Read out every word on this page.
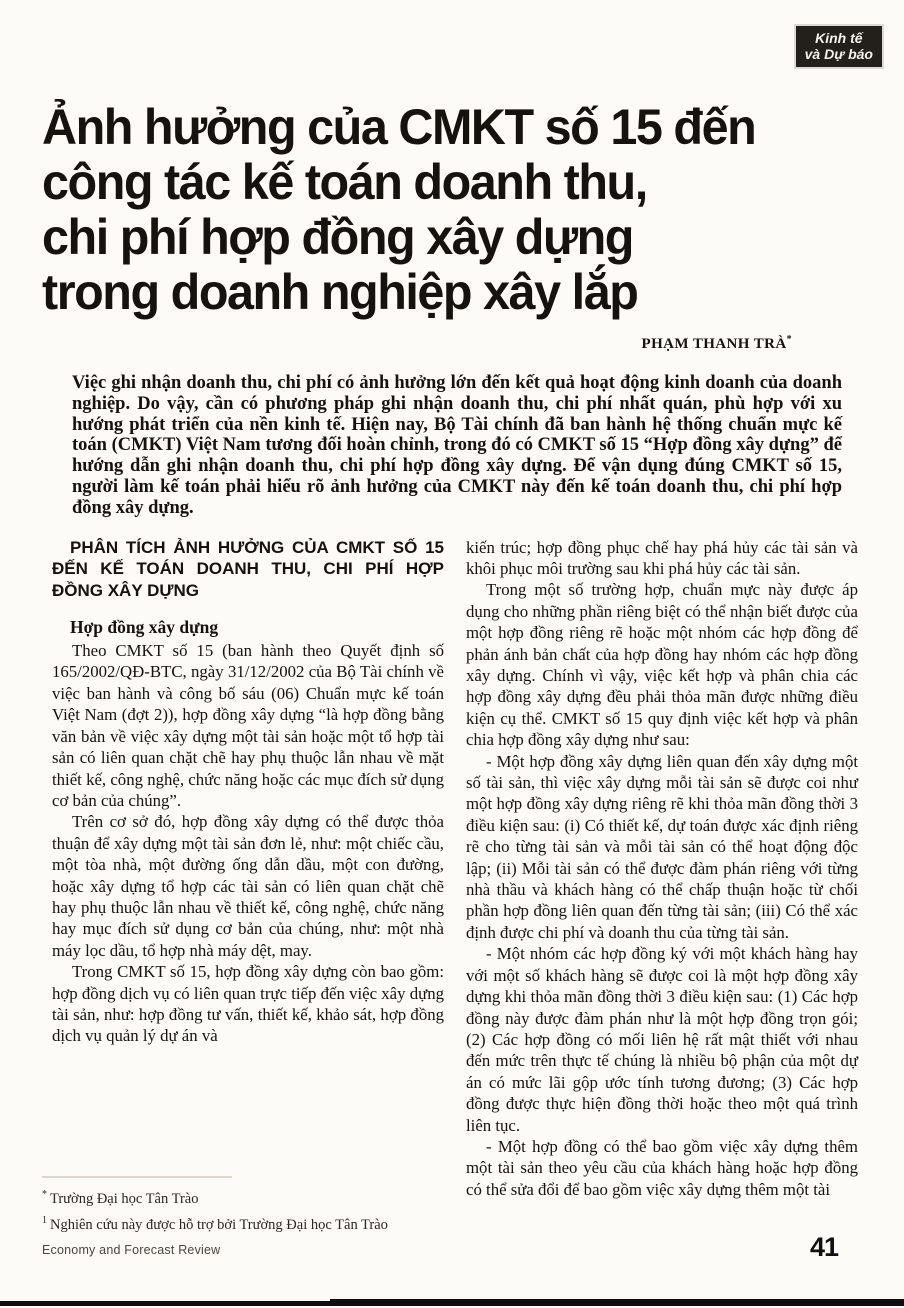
Kinh tế
và Dự báo
Ảnh hưởng của CMKT số 15 đến
công tác kế toán doanh thu,
chi phí hợp đồng xây dựng
trong doanh nghiệp xây lắp
PHẠM THANH TRÀ*
Việc ghi nhận doanh thu, chi phí có ảnh hưởng lớn đến kết quả hoạt động kinh doanh của doanh nghiệp. Do vậy, cần có phương pháp ghi nhận doanh thu, chi phí nhất quán, phù hợp với xu hướng phát triển của nền kinh tế. Hiện nay, Bộ Tài chính đã ban hành hệ thống chuẩn mực kế toán (CMKT) Việt Nam tương đối hoàn chỉnh, trong đó có CMKT số 15 “Hợp đồng xây dựng” để hướng dẫn ghi nhận doanh thu, chi phí hợp đồng xây dựng. Để vận dụng đúng CMKT số 15, người làm kế toán phải hiểu rõ ảnh hưởng của CMKT này đến kế toán doanh thu, chi phí hợp đồng xây dựng.
PHÂN TÍCH ẢNH HƯỞNG CỦA CMKT SỐ 15 ĐẾN KẾ TOÁN DOANH THU, CHI PHÍ HỢP ĐỒNG XÂY DỰNG
Hợp đồng xây dựng

Theo CMKT số 15 (ban hành theo Quyết định số 165/2002/QĐ-BTC, ngày 31/12/2002 của Bộ Tài chính về việc ban hành và công bố sáu (06) Chuẩn mực kế toán Việt Nam (đợt 2)), hợp đồng xây dựng “là hợp đồng bằng văn bản về việc xây dựng một tài sản hoặc một tổ hợp tài sản có liên quan chặt chẽ hay phụ thuộc lẫn nhau về mặt thiết kế, công nghệ, chức năng hoặc các mục đích sử dụng cơ bản của chúng”.

Trên cơ sở đó, hợp đồng xây dựng có thể được thỏa thuận để xây dựng một tài sản đơn lẻ, như: một chiếc cầu, một tòa nhà, một đường ống dẫn dầu, một con đường, hoặc xây dựng tổ hợp các tài sản có liên quan chặt chẽ hay phụ thuộc lẫn nhau về thiết kế, công nghệ, chức năng hay mục đích sử dụng cơ bản của chúng, như: một nhà máy lọc dầu, tổ hợp nhà máy dệt, may.

Trong CMKT số 15, hợp đồng xây dựng còn bao gồm: hợp đồng dịch vụ có liên quan trực tiếp đến việc xây dựng tài sản, như: hợp đồng tư vấn, thiết kế, khảo sát, hợp đồng dịch vụ quản lý dự án và

kiến trúc; hợp đồng phục chế hay phá hủy các tài sản và khôi phục môi trường sau khi phá hủy các tài sản.

Trong một số trường hợp, chuẩn mực này được áp dụng cho những phần riêng biệt có thể nhận biết được của một hợp đồng riêng rẽ hoặc một nhóm các hợp đồng để phản ánh bản chất của hợp đồng hay nhóm các hợp đồng xây dựng. Chính vì vậy, việc kết hợp và phân chia các hợp đồng xây dựng đều phải thỏa mãn được những điều kiện cụ thể. CMKT số 15 quy định việc kết hợp và phân chia hợp đồng xây dựng như sau:

- Một hợp đồng xây dựng liên quan đến xây dựng một số tài sản, thì việc xây dựng mỗi tài sản sẽ được coi như một hợp đồng xây dựng riêng rẽ khi thỏa mãn đồng thời 3 điều kiện sau: (i) Có thiết kế, dự toán được xác định riêng rẽ cho từng tài sản và mỗi tài sản có thể hoạt động độc lập; (ii) Mỗi tài sản có thể được đàm phán riêng với từng nhà thầu và khách hàng có thể chấp thuận hoặc từ chối phần hợp đồng liên quan đến từng tài sản; (iii) Có thể xác định được chi phí và doanh thu của từng tài sản.

- Một nhóm các hợp đồng ký với một khách hàng hay với một số khách hàng sẽ được coi là một hợp đồng xây dựng khi thỏa mãn đồng thời 3 điều kiện sau: (1) Các hợp đồng này được đàm phán như là một hợp đồng trọn gói; (2) Các hợp đồng có mối liên hệ rất mật thiết với nhau đến mức trên thực tế chúng là nhiều bộ phận của một dự án có mức lãi gộp ước tính tương đương; (3) Các hợp đồng được thực hiện đồng thời hoặc theo một quá trình liên tục.

- Một hợp đồng có thể bao gồm việc xây dựng thêm một tài sản theo yêu cầu của khách hàng hoặc hợp đồng có thể sửa đổi để bao gồm việc xây dựng thêm một tài

* Trường Đại học Tân Trào
$^1$ Nghiên cứu này được hỗ trợ bởi Trường Đại học Tân Trào
Economy and Forecast Review	41
